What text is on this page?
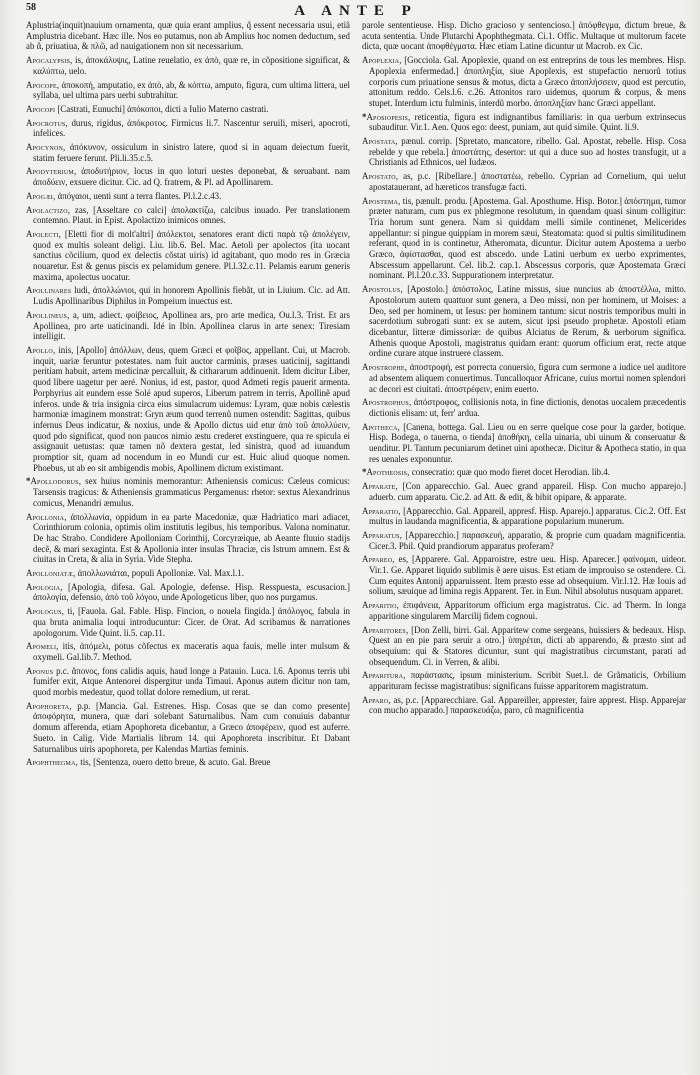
58	A ANTE P

Aplustria(inquit)nauium ornamenta, quæ quia erant amplius, q̃ essent necessaria usui, etiã Amplustria dicebant. Hæc ille. Nos eo putamus, non ab Amplius hoc nomen deductum, sed ab ἄ, priuatiua, & πλῶ, ad nauigationem non sit necessarium.

Apocalypsis, is, ἀποκάλυψις, Latine reuelatio, ex ἀπὸ, quæ re, in cõpositione significat, & καλύπτω, uelo.

Apocope, ἀποκοπή, amputatio, ex ἀπὸ, ab, & κόπτω, amputo, figura, cum ultima littera, uel syllaba, uel ultima pars uerbi subtrahitur.

Apocopi [Castrati, Eunuchi] ἀπόκοποι, dicti a Iulio Materno castrati.

Apocrotus, durus, rigidus, ἀπόκροτος. Firmicus li.7. Nascentur seruili, miseri, apocroti, infelices.

Apocynon, ἀπόκυνον, ossiculum in sinistro latere, quod si in aquam deiectum fuerit, statim feruere ferunt. Pli.li.35.c.5.

Apodyterium, ἀποδυτήριον, locus in quo loturi uestes deponebat, & seruabant. nam ἀποδύειν, exsuere dicitur. Cic. ad Q. fratrem, & Pl. ad Apollinarem.

Apogæi, ἀπόγαιοι, uenti sunt a terra flantes. Pl.l.2.c.43.

Apolactizo, zas, [Asseltare co calci] ἀπολακτίζω, calcibus inuado. Per translationem contemno. Plaut. in Epist. Apolactizo inimicos omnes.

Apolecti, [Eletti fior di molt'altri] ἀπόλεκτοι, senatores erant dicti παρὰ τῷ ἀπολέγειν, quod ex multis soleant deligi. Liu. lib.6. Bel. Mac. Aetoli per apolectos (ita uocant sanctius cõcilium, quod ex delectis cõstat uiris) id agitabant, quo modo res in Græcia nouaretur. Est & genus piscis ex pelamidum genere. Pl.l.32.c.11. Pelamis earum generis maxima, apolectus uocatur.

Apollinares ludi, ἀπολλώνιοι, qui in honorem Apollinis fiebãt, ut in Liuium. Cic. ad Att. Ludis Apollinaribus Diphilus in Pompeium inuectus est.

Apollineus, a, um, adiect. φοίβειος, Apollinea ars, pro arte medica, Ou.l.3. Trist. Et ars Apollinea, pro arte uaticinandi. Idé in Ibin. Apollinea clarus in arte senex: Tiresiam intelligit.

Apollo, inis, [Apollo] ἀπόλλων, deus, quem Græci et φοῖβος, appellant. Cui, ut Macrob. inquit, uariæ feruntur potestates. nam fuit auctor carminis, præses uaticinij, sagittandi peritiam habuit, artem medicinæ percalluit, & cithararum addinuenit. Idem dicitur Liber, quod libere uagetur per aeré. Nonius, id est, pastor, quod Admeti regis pauerit armenta. Porphyrius ait eundem esse Solé apud superos, Liberum patrem in terris, Apollinẽ apud inferos. unde & tria insignia circa eius simulacrum uidemus: Lyram, quæ nobis cælestis harmoniæ imaginem monstrat: Gryn æum quod terrenũ numen ostendit: Sagittas, quibus infernus Deus indicatur, & noxius, unde & Apollo dictus uid etur ἀπὸ τοῦ ἀπολλύειν, quod pdo significat, quod non paucos nimio æstu crederet exstinguere, qua re spicula ei assignauit uetustas: quæ tamen nõ dextera gestat, led sinistra, quod ad iuuandum promptior sit, quam ad nocendum in eo Mundi cur est. Huic aliud quoque nomen. Phoebus, ut ab eo sit ambigendis mobis, Apollinem dictum existimant.

*Apollodorus, sex huius nominis memorantur: Atheniensis comicus: Cæleus comicus: Tarsensis tragicus: & Atheniensis grammaticus Pergamenus: rhetor: sextus Alexandrinus comicus, Menandri æmulus.

Apollonia, ἀπολλωνία, oppidum in ea parte Macedoniæ, quæ Hadriatico mari adiacet, Corinthiorum colonia, optimis olim institutis legibus, his temporibus. Valona nominatur. De hac Strabo. Condidere Apolloniam Corinthij, Corcyræique, ab Aeante fluuio stadijs decẽ, & mari sexaginta. Est & Apollonia inter insulas Thraciæ, cis Istrum amnem. Est & ciuitas in Creta, & alia in Syria. Vide Stepha.

Apolloniatæ, ἀπολλωνιάται, populi Apolloniæ. Val. Max.l.1.

Apologia, [Apologia, difesa. Gal. Apologie, defense. Hisp. Resspuesta, escusacion.] ἀπολογία, defensio, ἀπὸ τοῦ λόγου, unde Apologeticus liber, quo nos purgamus.

Apologus, ti, [Fauola. Gal. Fable. Hisp. Fincion, o nouela fingida.] ἀπόλογος, fabula in qua bruta animalia loqui introducuntur: Cicer. de Orat. Ad scribamus & narrationes apologorum. Vide Quint. li.5. cap.11.

Apomeli, itis, ἀπόμελι, potus cõfectus ex maceratis aqua fauis, melle inter mulsum & oxymeli. Gal.lib.7. Method.

Aponus p.c. ἄπονος, fons calidis aquis, haud longe a Patauio. Luca. l.6. Aponus terris ubi fumifer exit, Atque Antenorei dispergitur unda Timaui. Aponus autem dicitur non tam, quod morbis medeatur, quod tollat dolore remedium, ut rerat.

Apophoreta, p.p. [Mancia. Gal. Estrenes. Hisp. Cosas que se dan como presente] ἀποφόρητα, munera, quæ dari solebant Saturnalibus. Nam cum conuiuis dabantur domum afferenda, etiam Apophoreta dicebantur, a Græco ἀποφέρειν, quod est auferre. Sueto. in Calig. Vide Martialis librum 14. qui Apophoreta inscribitur. Et Dabant Saturnalibus uiris apophoreta, per Kalendas Martias feminis.

Apophthegma, tis, [Sentenza, ouero detto breue, & acuto. Gal. Breue

parole sententieuse. Hisp. Dicho gracioso y sentencioso.] ἀπόφθεγμα, dictum breue, & acuta sententia. Unde Plutarchi Apophthegmata. Ci.1. Offic. Multaque ut multorum facete dicta, quæ uocant ἀποφθέγματα. Hæc etiam Latine dicuntur ut Macrob. ex Cic.

Apoplexia, [Gocciola. Gal. Apoplexie, quand on est entreprins de tous les membres. Hisp. Apoplexia enfermedad.] ἀποπληξία, siue Apoplexis, est stupefactio neruorũ totius corporis cum priuatione sensus & motus, dicta a Græco ἀποπλήσσειν, quod est percutio, attonitum reddo. Cels.l.6. c.26. Attonitos raro uidemus, quorum & corpus, & mens stupet. Interdum ictu fulminis, interdũ morbo. ἀποπληξίαν hanc Græci appellant.

*Aposiopesis, reticentia, figura est indignantibus familiaris: in qua uerbum extrinsecus subauditur. Vir.1. Aen. Quos ego: deest, puniam, aut quid simile. Quint. li.9.

Apostata, pænul. corrip. [Spretato, mancatore, ribello. Gal. Apostat, rebelle. Hisp. Cosa rebelde y que rebela.] ἀποστάτης, desertor: ut qui a duce suo ad hostes transfugit, ut a Christianis ad Ethnicos, uel Iudæos.

Apostato, as, p.c. [Ribellare.] ἀποστατέω, rebello. Cyprian ad Cornelium, qui uelut apostatauerant, ad hæreticos transfugæ facti.

Apostema, tis, pænult. produ. [Apostema. Gal. Aposthume. Hisp. Botor.] ἀπόστημα, tumor præter naturam, cum pus ex phlegmone resolutum, in quendam quasi sinum colligitur: Tria horum sunt genera. Nam si quiddam melli simile continenet, Melicerides appellantur: si pingue quippiam in morem sæui, Steatomata: quod si pultis similitudinem referant, quod in is continetur, Atheromata, dicuntur. Dicitur autem Apostema a uerbo Græco, ἀφίστασθαι, quod est abscedo. unde Latini uerbum ex uerbo exprimentes, Abscessum appellarunt. Cel. lib.2. cap.1. Abscessus corporis, quæ Apostemata Græci nominant. Pl.l.20.c.33. Suppurationem interpretatur.

Apostolus, [Apostolo.] ἀπόστολος, Latine missus, siue nuncius ab ἀποστέλλω, mitto. Apostolorum autem quattuor sunt genera, a Deo missi, non per hominem, ut Moises: a Deo, sed per hominem, ut Iesus: per hominem tantum: sicut nostris temporibus multi in sacerdotium subrogati sunt: ex se autem, sicut ipsi pseudo prophetæ. Apostoli etiam dicebantur, litteræ dimissoriæ: de quibus Alciatus de Rerum, & uerborum significa. Athenis quoque Apostoli, magistratus quidam erant: quorum officium erat, recte atque ordine curare atque instruere classem.

Apostrophe, ἀποστροφή, est porrecta conuersio, figura cum sermone a iudice uel auditore ad absentem aliquem conuertimus. Tuncalloquor Africane, cuius mortui nomen splendori ac decori est ciuitati. ἀποστρέφειν, enim euerto.

Apostrophus, ἀπόστροφος, collisionis nota, in fine dictionis, denotas uocalem præcedentis dictionis elisam: ut, ferr' ardua.

Apotheca, [Canena, bottega. Gal. Lieu ou en serre quelque cose pour la garder, botique. Hisp. Bodega, o tauerna, o tienda] ἀποθήκη, cella uinaria, ubi uinum & conseruatur & uenditur. Pl. Tantum pecuniarum detinet uini apothecæ. Dicitur & Apotheca statio, in qua res uenales exponuntur.

*Apotheosis, consecratio: quæ quo modo fieret docet Herodian. lib.4.

Apparate, [Con apparecchio. Gal. Auec grand appareil. Hisp. Con mucho apparejo.] aduerb. cum apparatu. Cic.2. ad Att. & edit, & bibit opipare, & apparate.

Apparatio, [Apparecchio. Gal. Appareil, appresf. Hisp. Aparejo.] apparatus. Cic.2. Off. Est multus in laudanda magnificentia, & apparatione popularium munerum.

Apparatus, [Apparecchio.] παρασκευή, apparatio, & proprie cum quadam magnificentia. Cicer.3. Phil. Quid prandiorum apparatus proferam?

Appareo, es, [Apparere. Gal. Apparoistre, estre ueu. Hisp. Aparecer.] φαίνομαι, uideor. Vir.1. Ge. Apparet liquido sublimis ẽ aere uisus. Est etiam de improuiso se ostendere. Ci. Cum equites Antonij apparuissent. Item præsto esse ad obsequium. Vir.l.12. Hæ Iouis ad solium, sæuique ad limina regis Apparent. Ter. in Eun. Nihil absolutus nusquam apparet.

Apparitio, ἐπιφάνεια, Apparitorum officium erga magistratus. Cic. ad Therm. In longa apparitione singularem Marcilij fidem cognoui.

Apparitores, [Don Zelli, birri. Gal. Apparitew come sergeans, huissiers & bedeaux. Hisp. Quest an en pie para seruir a otro.] ὑπηρέται, dicti ab apparendo, & præsto sint ad obsequium: qui & Statores dicuntur, sunt qui magistratibus circumstant, parati ad obsequendum. Ci. in Verren, & alibi.

Apparitura, παράστασις, ipsum ministerium. Scribit Suet.l. de Grãmaticis, Orbilium apparituram fecisse magistratibus: significans fuisse apparitorem magistratum.

Apparo, as, p.c. [Apparecchiare. Gal. Appareiller, apprester, faire apprest. Hisp. Apparejar con mucho apparado.] παρασκευάζω, paro, cũ magnificentia
